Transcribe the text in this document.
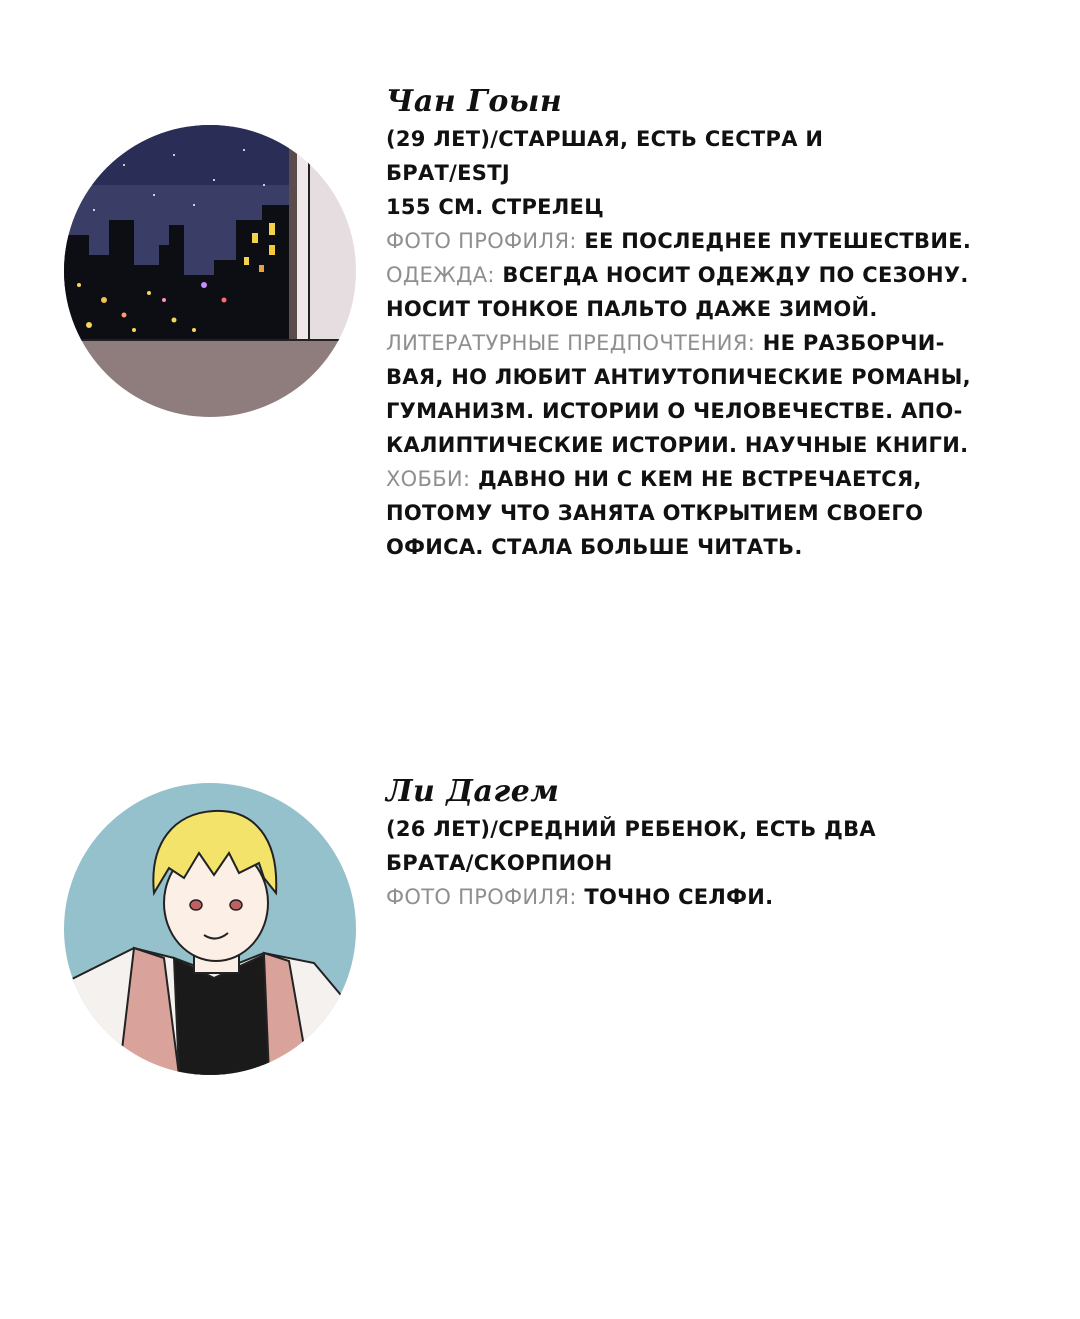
Чан Гоын

(29 ЛЕТ)/СТАРШАЯ, ЕСТЬ СЕСТРА И

БРАТ/ESTJ

155 СМ. СТРЕЛЕЦ

ФОТО ПРОФИЛЯ: ЕЕ ПОСЛЕДНЕЕ ПУТЕШЕСТВИЕ.

ОДЕЖДА: ВСЕГДА НОСИТ ОДЕЖДУ ПО СЕЗОНУ.

НОСИТ ТОНКОЕ ПАЛЬТО ДАЖЕ ЗИМОЙ.

ЛИТЕРАТУРНЫЕ ПРЕДПОЧТЕНИЯ: НЕ РАЗБОРЧИ-

ВАЯ, НО ЛЮБИТ АНТИУТОПИЧЕСКИЕ РОМАНЫ,

ГУМАНИЗМ. ИСТОРИИ О ЧЕЛОВЕЧЕСТВЕ. АПО-

КАЛИПТИЧЕСКИЕ ИСТОРИИ. НАУЧНЫЕ КНИГИ.

ХОББИ: ДАВНО НИ С КЕМ НЕ ВСТРЕЧАЕТСЯ,

ПОТОМУ ЧТО ЗАНЯТА ОТКРЫТИЕМ СВОЕГО

ОФИСА. СТАЛА БОЛЬШЕ ЧИТАТЬ.

Ли Дагем

(26 ЛЕТ)/СРЕДНИЙ РЕБЕНОК, ЕСТЬ ДВА

БРАТА/СКОРПИОН

ФОТО ПРОФИЛЯ: ТОЧНО СЕЛФИ.
